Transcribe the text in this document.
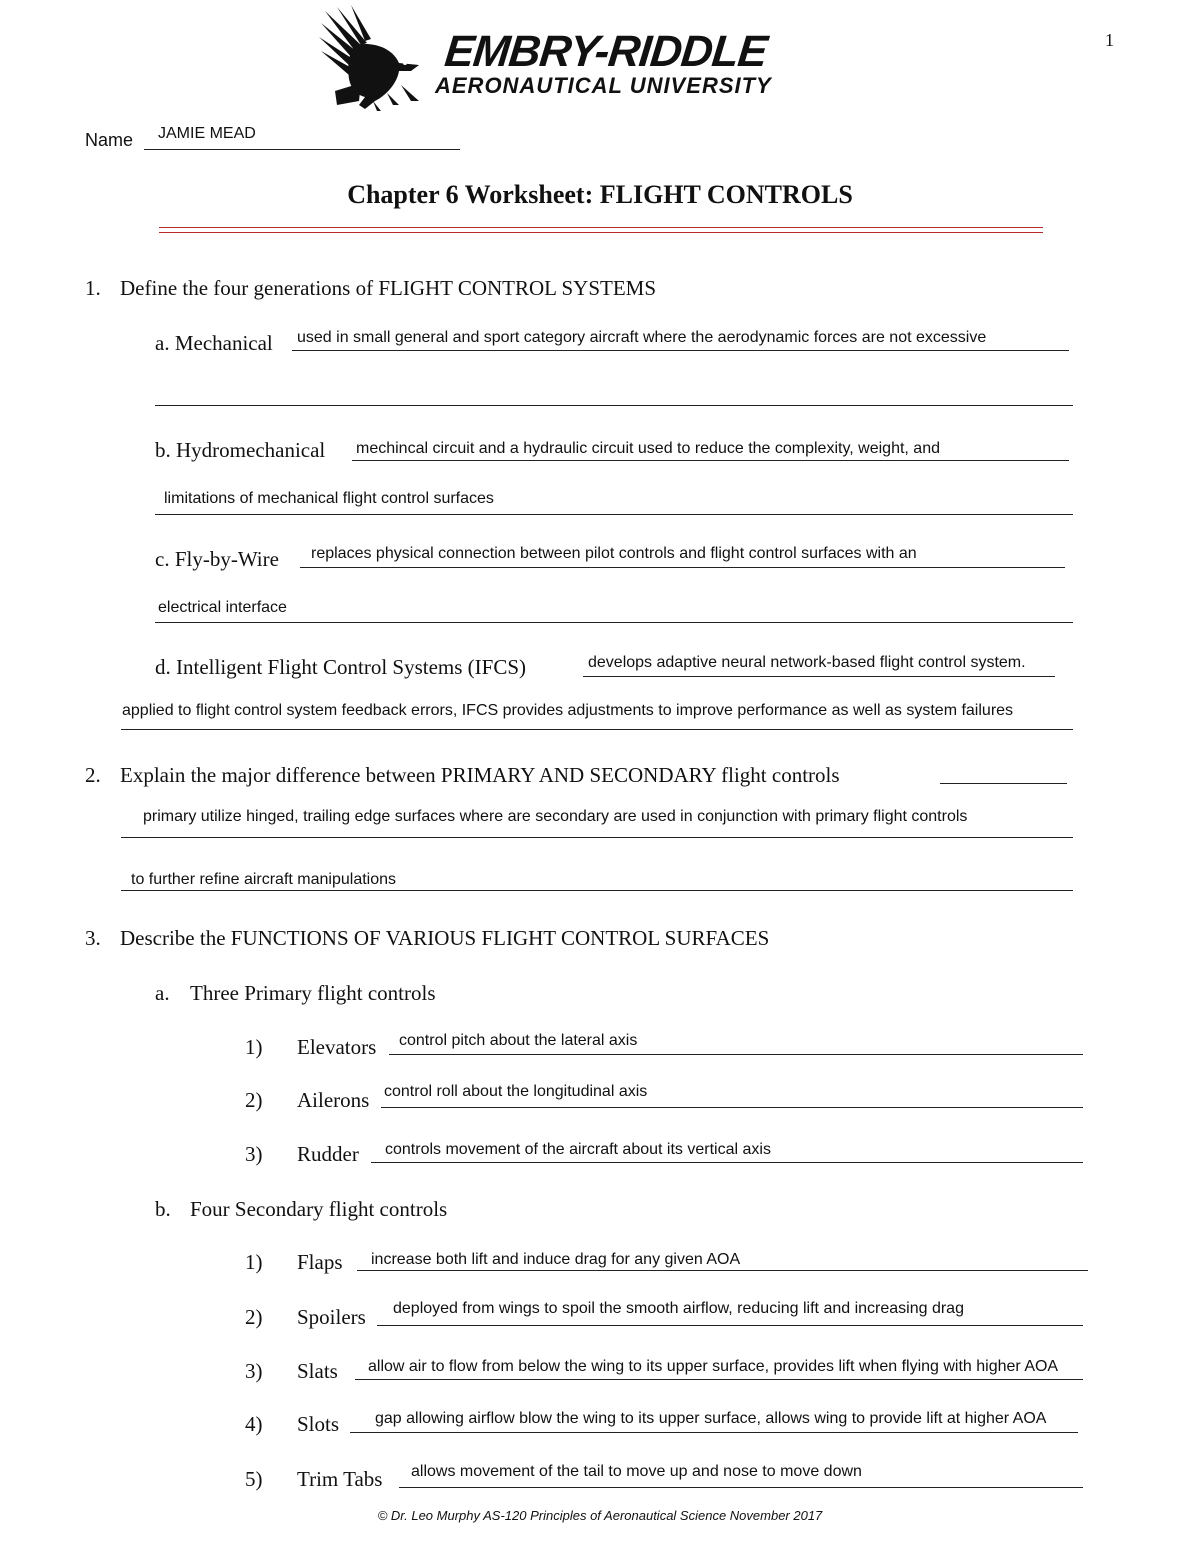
1
EMBRY-RIDDLE
AERONAUTICAL UNIVERSITY
Name JAMIE MEAD
Chapter 6 Worksheet: FLIGHT CONTROLS
1. Define the four generations of FLIGHT CONTROL SYSTEMS
a. Mechanical used in small general and sport category aircraft where the aerodynamic forces are not excessive
b. Hydromechanical mechincal circuit and a hydraulic circuit used to reduce the complexity, weight, and
limitations of mechanical flight control surfaces
c. Fly-by-Wire replaces physical connection between pilot controls and flight control surfaces with an
electrical interface
d. Intelligent Flight Control Systems (IFCS)	develops adaptive neural network-based flight control system.
applied to flight control system feedback errors, IFCS provides adjustments to improve performance as well as system failures
2. Explain the major difference between PRIMARY AND SECONDARY flight controls
primary utilize hinged, trailing edge surfaces where are secondary are used in conjunction with primary flight controls
to further refine aircraft manipulations
3. Describe the FUNCTIONS OF VARIOUS FLIGHT CONTROL SURFACES
a. Three Primary flight controls
1) Elevators control pitch about the lateral axis
2) Ailerons control roll about the longitudinal axis
3) Rudder controls movement of the aircraft about its vertical axis
b. Four Secondary flight controls
1) Flaps increase both lift and induce drag for any given AOA
2) Spoilers deployed from wings to spoil the smooth airflow, reducing lift and increasing drag
3) Slats allow air to flow from below the wing to its upper surface, provides lift when flying with higher AOA
4) Slots gap allowing airflow blow the wing to its upper surface, allows wing to provide lift at higher AOA
5) Trim Tabs allows movement of the tail to move up and nose to move down
© Dr. Leo Murphy AS-120 Principles of Aeronautical Science November 2017
